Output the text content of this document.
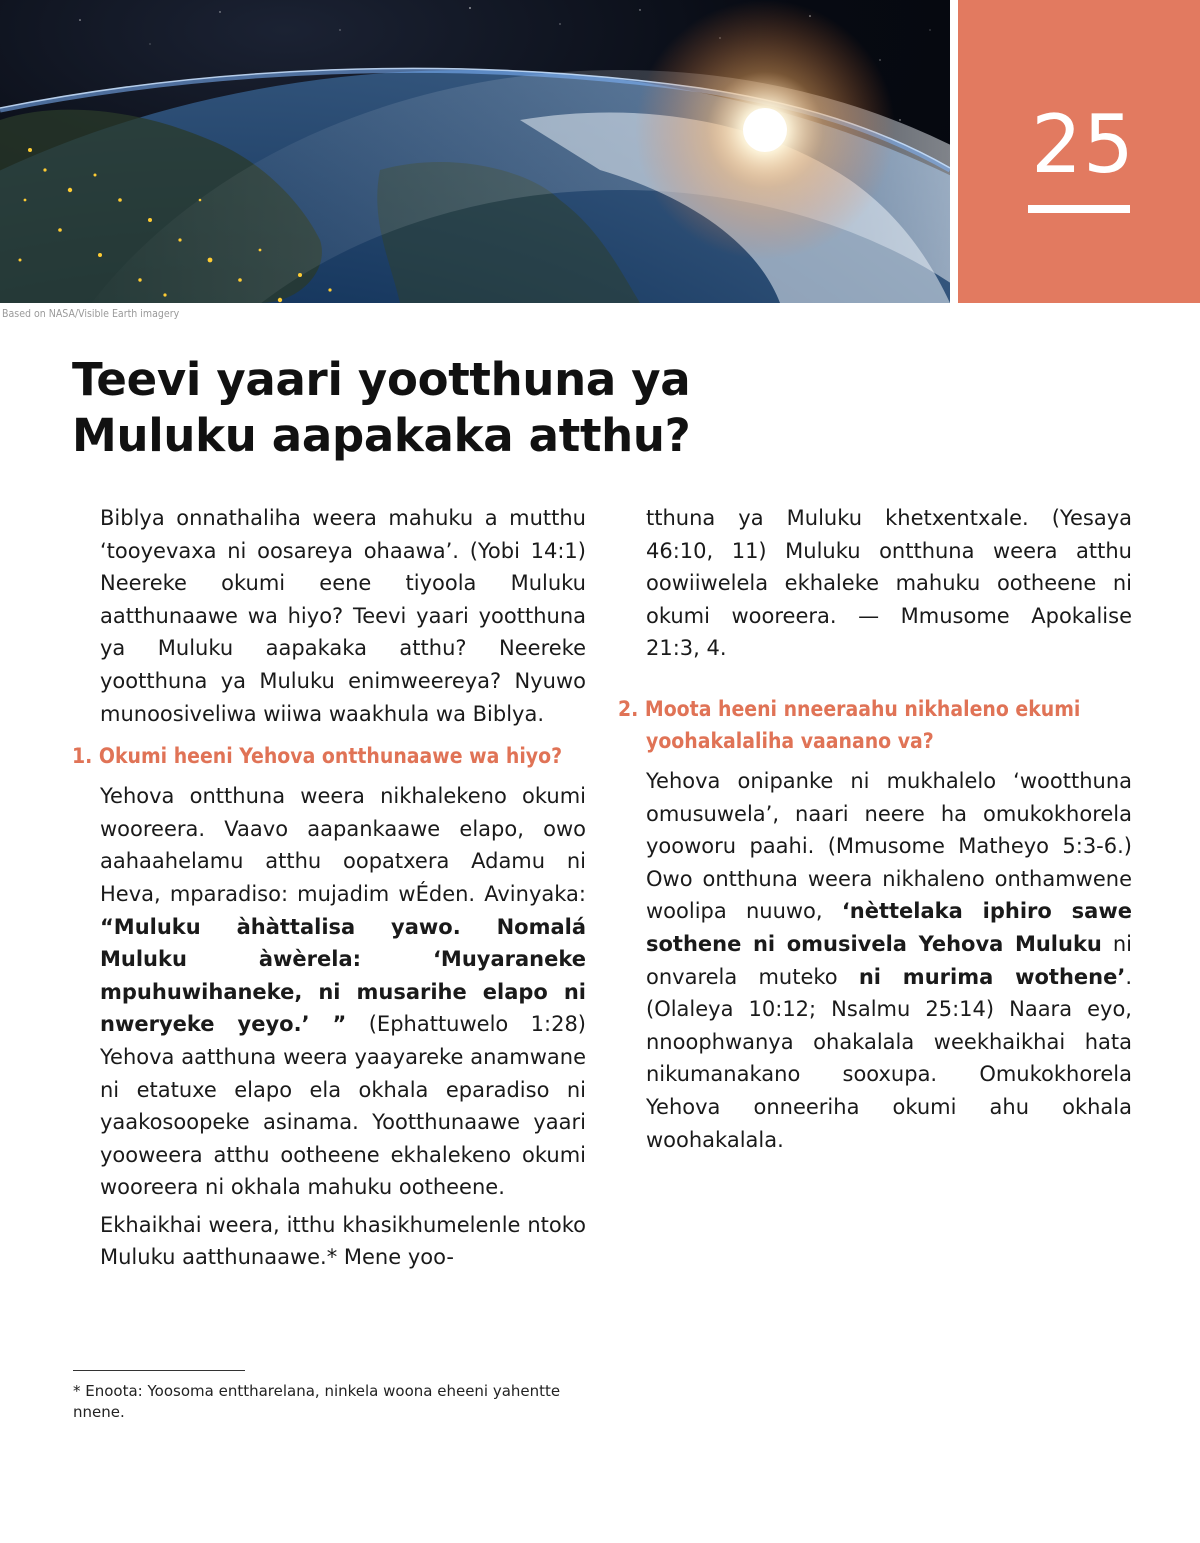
25
Based on NASA/Visible Earth imagery
Teevi yaari yootthuna ya Muluku aapakaka atthu?

Biblya onnathaliha weera mahuku a mutthu ‘tooyevaxa ni oosareya ohaawa’. (Yobi 14:1) Neereke okumi eene tiyoola Muluku aatthunaawe wa hiyo? Teevi yaari yootthuna ya Muluku aapakaka atthu? Neereke yootthuna ya Muluku enimweereya? Nyuwo munoosiveliwa wiiwa waakhula wa Biblya.

1. Okumi heeni Yehova ontthunaawe wa hiyo?

Yehova ontthuna weera nikhalekeno okumi wooreera. Vaavo aapankaawe elapo, owo aahaahelamu atthu oopatxera Adamu ni Heva, mparadiso: mujadim wÉden. Avinyaka: “Muluku àhàttalisa yawo. Nomalá Muluku àwèrela: ‘Muyaraneke mpuhuwihaneke, ni musarihe elapo ni nweryeke yeyo.’ ” (Ephattuwelo 1:28) Yehova aatthuna weera yaayareke anamwane ni etatuxe elapo ela okhala eparadiso ni yaakosoopeke asinama. Yootthunaawe yaari yooweera atthu ootheene ekhalekeno okumi wooreera ni okhala mahuku ootheene.

Ekhaikhai weera, itthu khasikhumelenle ntoko Muluku aatthunaawe.* Mene yoo-

tthuna ya Muluku khetxentxale. (Yesaya 46:10, 11) Muluku ontthuna weera atthu oowiiwelela ekhaleke mahuku ootheene ni okumi wooreera. — Mmusome Apokalise 21:3, 4.

2. Moota heeni nneeraahu nikhaleno ekumi yoohakalaliha vaanano va?

Yehova onipanke ni mukhalelo ‘wootthuna omusuwela’, naari neere ha omukokhorela yooworu paahi. (Mmusome Matheyo 5:3-6.) Owo ontthuna weera nikhaleno onthamwene woolipa nuuwo, ‘nèttelaka iphiro sawe sothene ni omusivela Yehova Muluku ni onvarela muteko ni murima wothene’. (Olaleya 10:12; Nsalmu 25:14) Naara eyo, nnoophwanya ohakalala weekhaikhai hata nikumanakano sooxupa. Omukokhorela Yehova onneeriha okumi ahu okhala woohakalala.

* Enoota: Yoosoma enttharelana, ninkela woona eheeni yahentte nnene.
